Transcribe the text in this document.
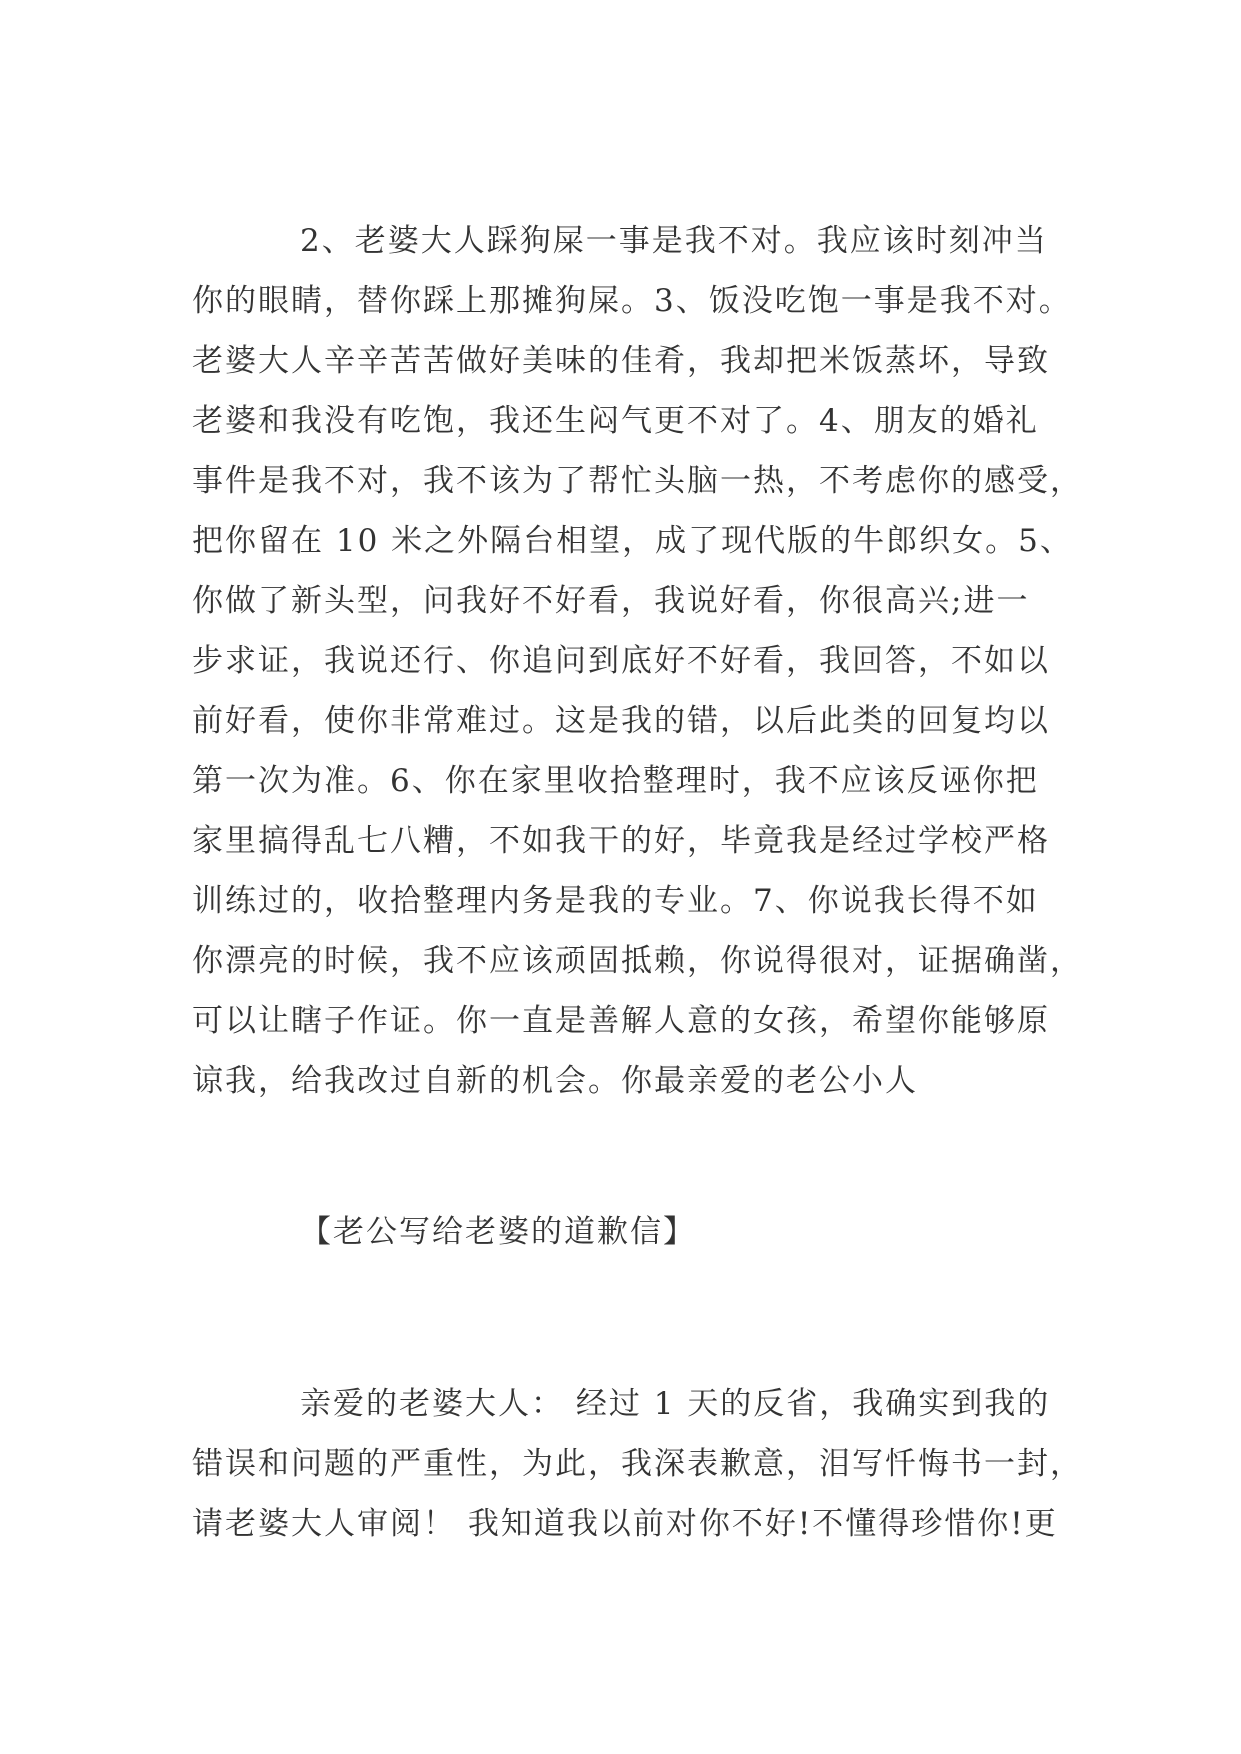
2、老婆大人踩狗屎一事是我不对。我应该时刻冲当
你的眼睛，替你踩上那摊狗屎。3、饭没吃饱一事是我不对。
老婆大人辛辛苦苦做好美味的佳肴，我却把米饭蒸坏，导致
老婆和我没有吃饱，我还生闷气更不对了。4、朋友的婚礼
事件是我不对，我不该为了帮忙头脑一热，不考虑你的感受，
把你留在 10 米之外隔台相望，成了现代版的牛郎织女。5、
你做了新头型，问我好不好看，我说好看，你很高兴;进一
步求证，我说还行、你追问到底好不好看，我回答，不如以
前好看，使你非常难过。这是我的错，以后此类的回复均以
第一次为准。6、你在家里收拾整理时，我不应该反诬你把
家里搞得乱七八糟，不如我干的好，毕竟我是经过学校严格
训练过的，收拾整理内务是我的专业。7、你说我长得不如
你漂亮的时候，我不应该顽固抵赖，你说得很对，证据确凿，
可以让瞎子作证。你一直是善解人意的女孩，希望你能够原
谅我，给我改过自新的机会。你最亲爱的老公小人
【老公写给老婆的道歉信】
亲爱的老婆大人： 经过 1 天的反省，我确实到我的
错误和问题的严重性，为此，我深表歉意，泪写忏悔书一封，
请老婆大人审阅！ 我知道我以前对你不好!不懂得珍惜你!更
